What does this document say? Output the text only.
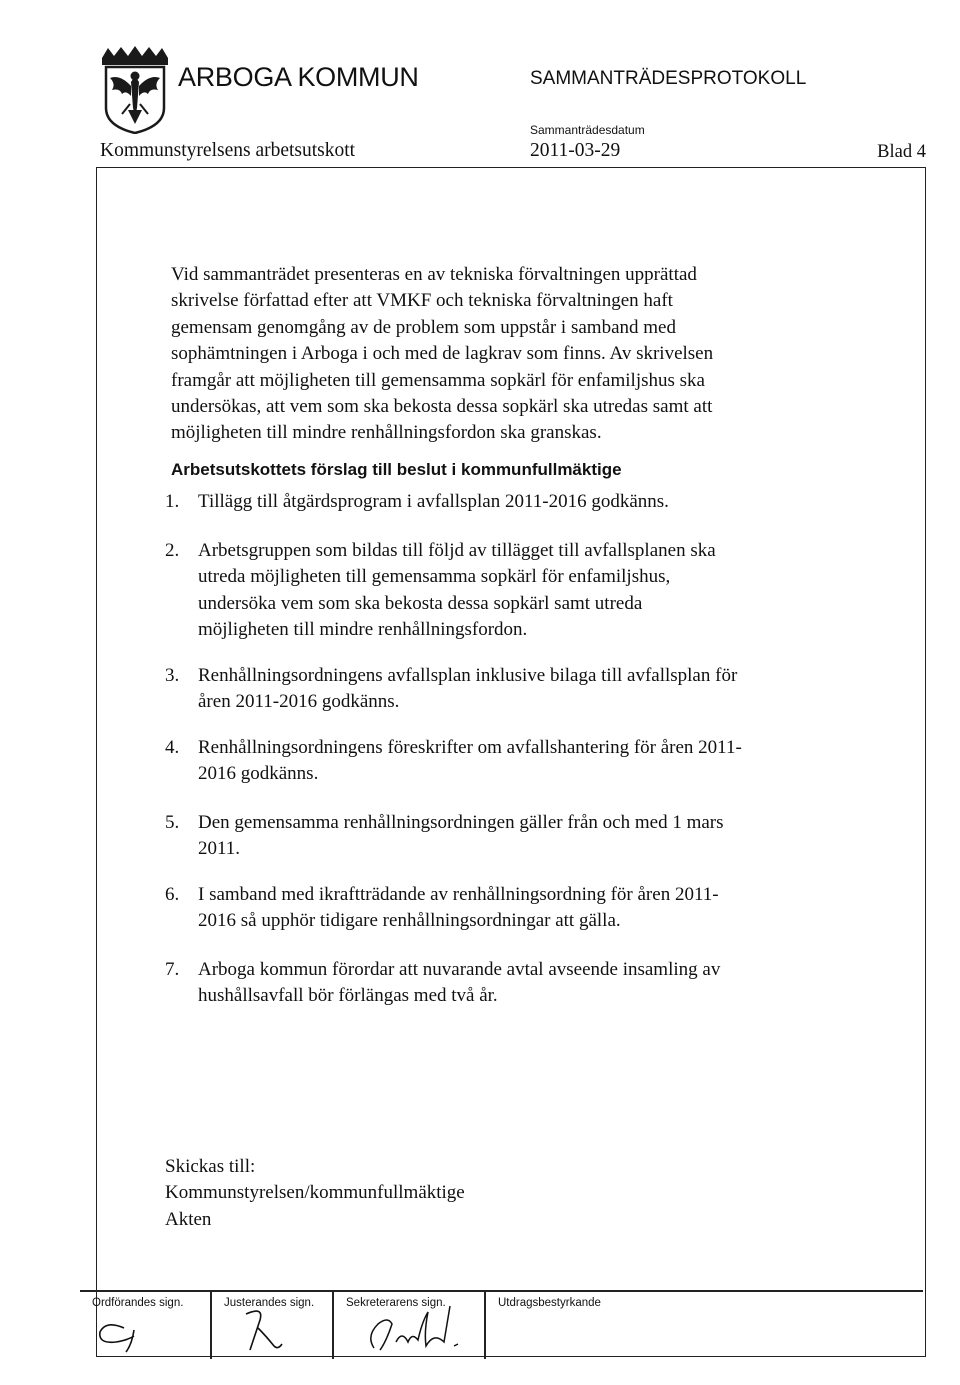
ARBOGA KOMMUN	SAMMANTRÄDESPROTOKOLL
Kommunstyrelsens arbetsutskott
Sammanträdesdatum
2011-03-29	Blad 4
Vid sammanträdet presenteras en av tekniska förvaltningen upprättad
skrivelse författad efter att VMKF och tekniska förvaltningen haft
gemensam genomgång av de problem som uppstår i samband med
sophämtningen i Arboga i och med de lagkrav som finns. Av skrivelsen
framgår att möjligheten till gemensamma sopkärl för enfamiljshus ska
undersökas, att vem som ska bekosta dessa sopkärl ska utredas samt att
möjligheten till mindre renhållningsfordon ska granskas.
Arbetsutskottets förslag till beslut i kommunfullmäktige
1. Tillägg till åtgärdsprogram i avfallsplan 2011-2016 godkänns.
2. Arbetsgruppen som bildas till följd av tillägget till avfallsplanen ska
utreda möjligheten till gemensamma sopkärl för enfamiljshus,
undersöka vem som ska bekosta dessa sopkärl samt utreda
möjligheten till mindre renhållningsfordon.
3. Renhållningsordningens avfallsplan inklusive bilaga till avfallsplan för
åren 2011-2016 godkänns.
4. Renhållningsordningens föreskrifter om avfallshantering för åren 2011-
2016 godkänns.
5. Den gemensamma renhållningsordningen gäller från och med 1 mars
2011.
6. I samband med ikraftträdande av renhållningsordning för åren 2011-
2016 så upphör tidigare renhållningsordningar att gälla.
7. Arboga kommun förordar att nuvarande avtal avseende insamling av
hushållsavfall bör förlängas med två år.
Skickas till:
Kommunstyrelsen/kommunfullmäktige
Akten
Ordförandes sign.	Justerandes sign.	Sekreterarens sign.	Utdragsbestyrkande
